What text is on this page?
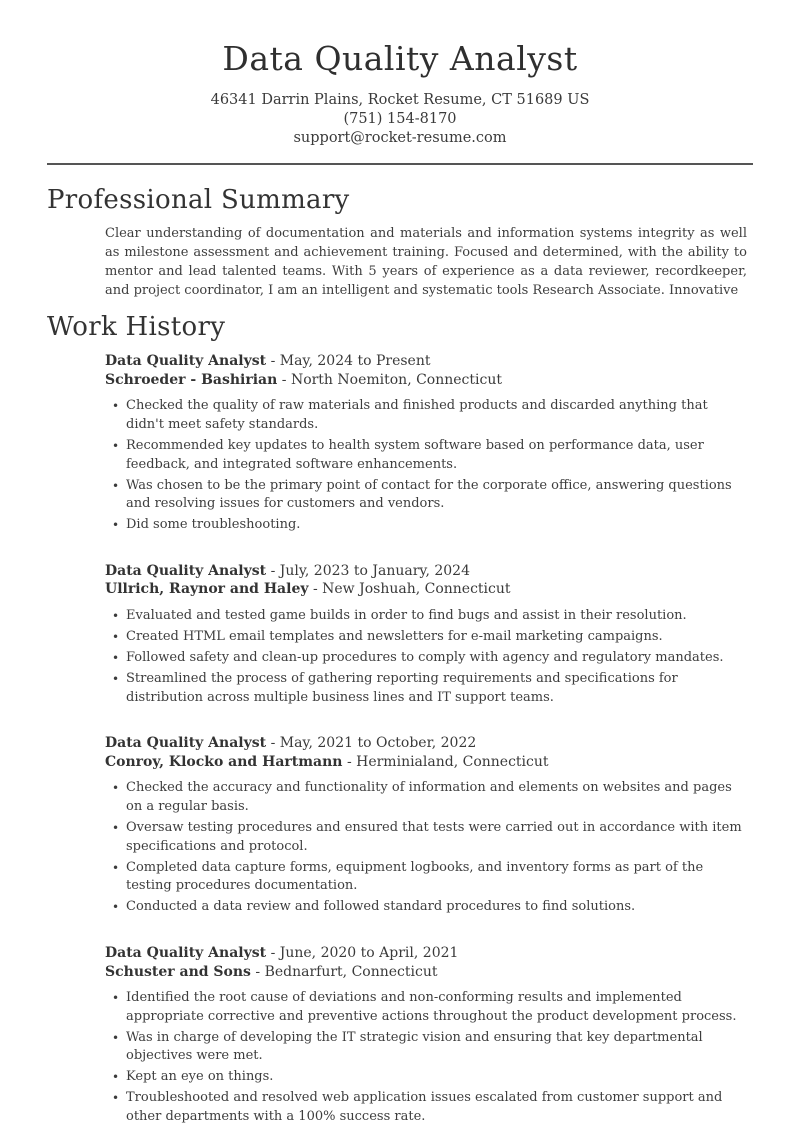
Data Quality Analyst
46341 Darrin Plains, Rocket Resume, CT 51689 US
(751) 154-8170
support@rocket-resume.com
Professional Summary

Clear understanding of documentation and materials and information systems integrity as well as milestone assessment and achievement training. Focused and determined, with the ability to mentor and lead talented teams. With 5 years of experience as a data reviewer, recordkeeper, and project coordinator, I am an intelligent and systematic tools Research Associate. Innovative

Work History
Data Quality Analyst - May, 2024 to Present
Schroeder - Bashirian - North Noemiton, Connecticut
• Checked the quality of raw materials and finished products and discarded anything that didn't meet safety standards.
• Recommended key updates to health system software based on performance data, user feedback, and integrated software enhancements.
• Was chosen to be the primary point of contact for the corporate office, answering questions and resolving issues for customers and vendors.
• Did some troubleshooting.
Data Quality Analyst - July, 2023 to January, 2024
Ullrich, Raynor and Haley - New Joshuah, Connecticut
• Evaluated and tested game builds in order to find bugs and assist in their resolution.
• Created HTML email templates and newsletters for e-mail marketing campaigns.
• Followed safety and clean-up procedures to comply with agency and regulatory mandates.
• Streamlined the process of gathering reporting requirements and specifications for distribution across multiple business lines and IT support teams.
Data Quality Analyst - May, 2021 to October, 2022
Conroy, Klocko and Hartmann - Herminialand, Connecticut
• Checked the accuracy and functionality of information and elements on websites and pages on a regular basis.
• Oversaw testing procedures and ensured that tests were carried out in accordance with item specifications and protocol.
• Completed data capture forms, equipment logbooks, and inventory forms as part of the testing procedures documentation.
• Conducted a data review and followed standard procedures to find solutions.
Data Quality Analyst - June, 2020 to April, 2021
Schuster and Sons - Bednarfurt, Connecticut
• Identified the root cause of deviations and non-conforming results and implemented appropriate corrective and preventive actions throughout the product development process.
• Was in charge of developing the IT strategic vision and ensuring that key departmental objectives were met.
• Kept an eye on things.
• Troubleshooted and resolved web application issues escalated from customer support and other departments with a 100% success rate.
